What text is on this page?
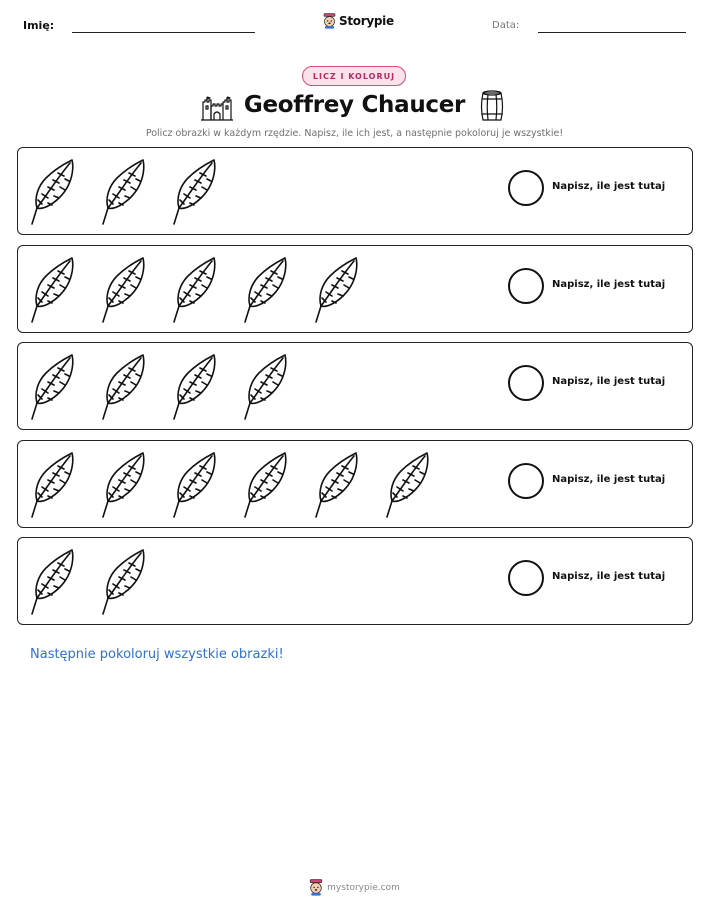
Imię:	Storypie	Data:
LICZ I KOLORUJ
Geoffrey Chaucer
Policz obrazki w każdym rzędzie. Napisz, ile ich jest, a następnie pokoloruj je wszystkie!
Napisz, ile jest tutaj
Napisz, ile jest tutaj
Napisz, ile jest tutaj
Napisz, ile jest tutaj
Napisz, ile jest tutaj
Następnie pokoloruj wszystkie obrazki!
mystorypie.com
